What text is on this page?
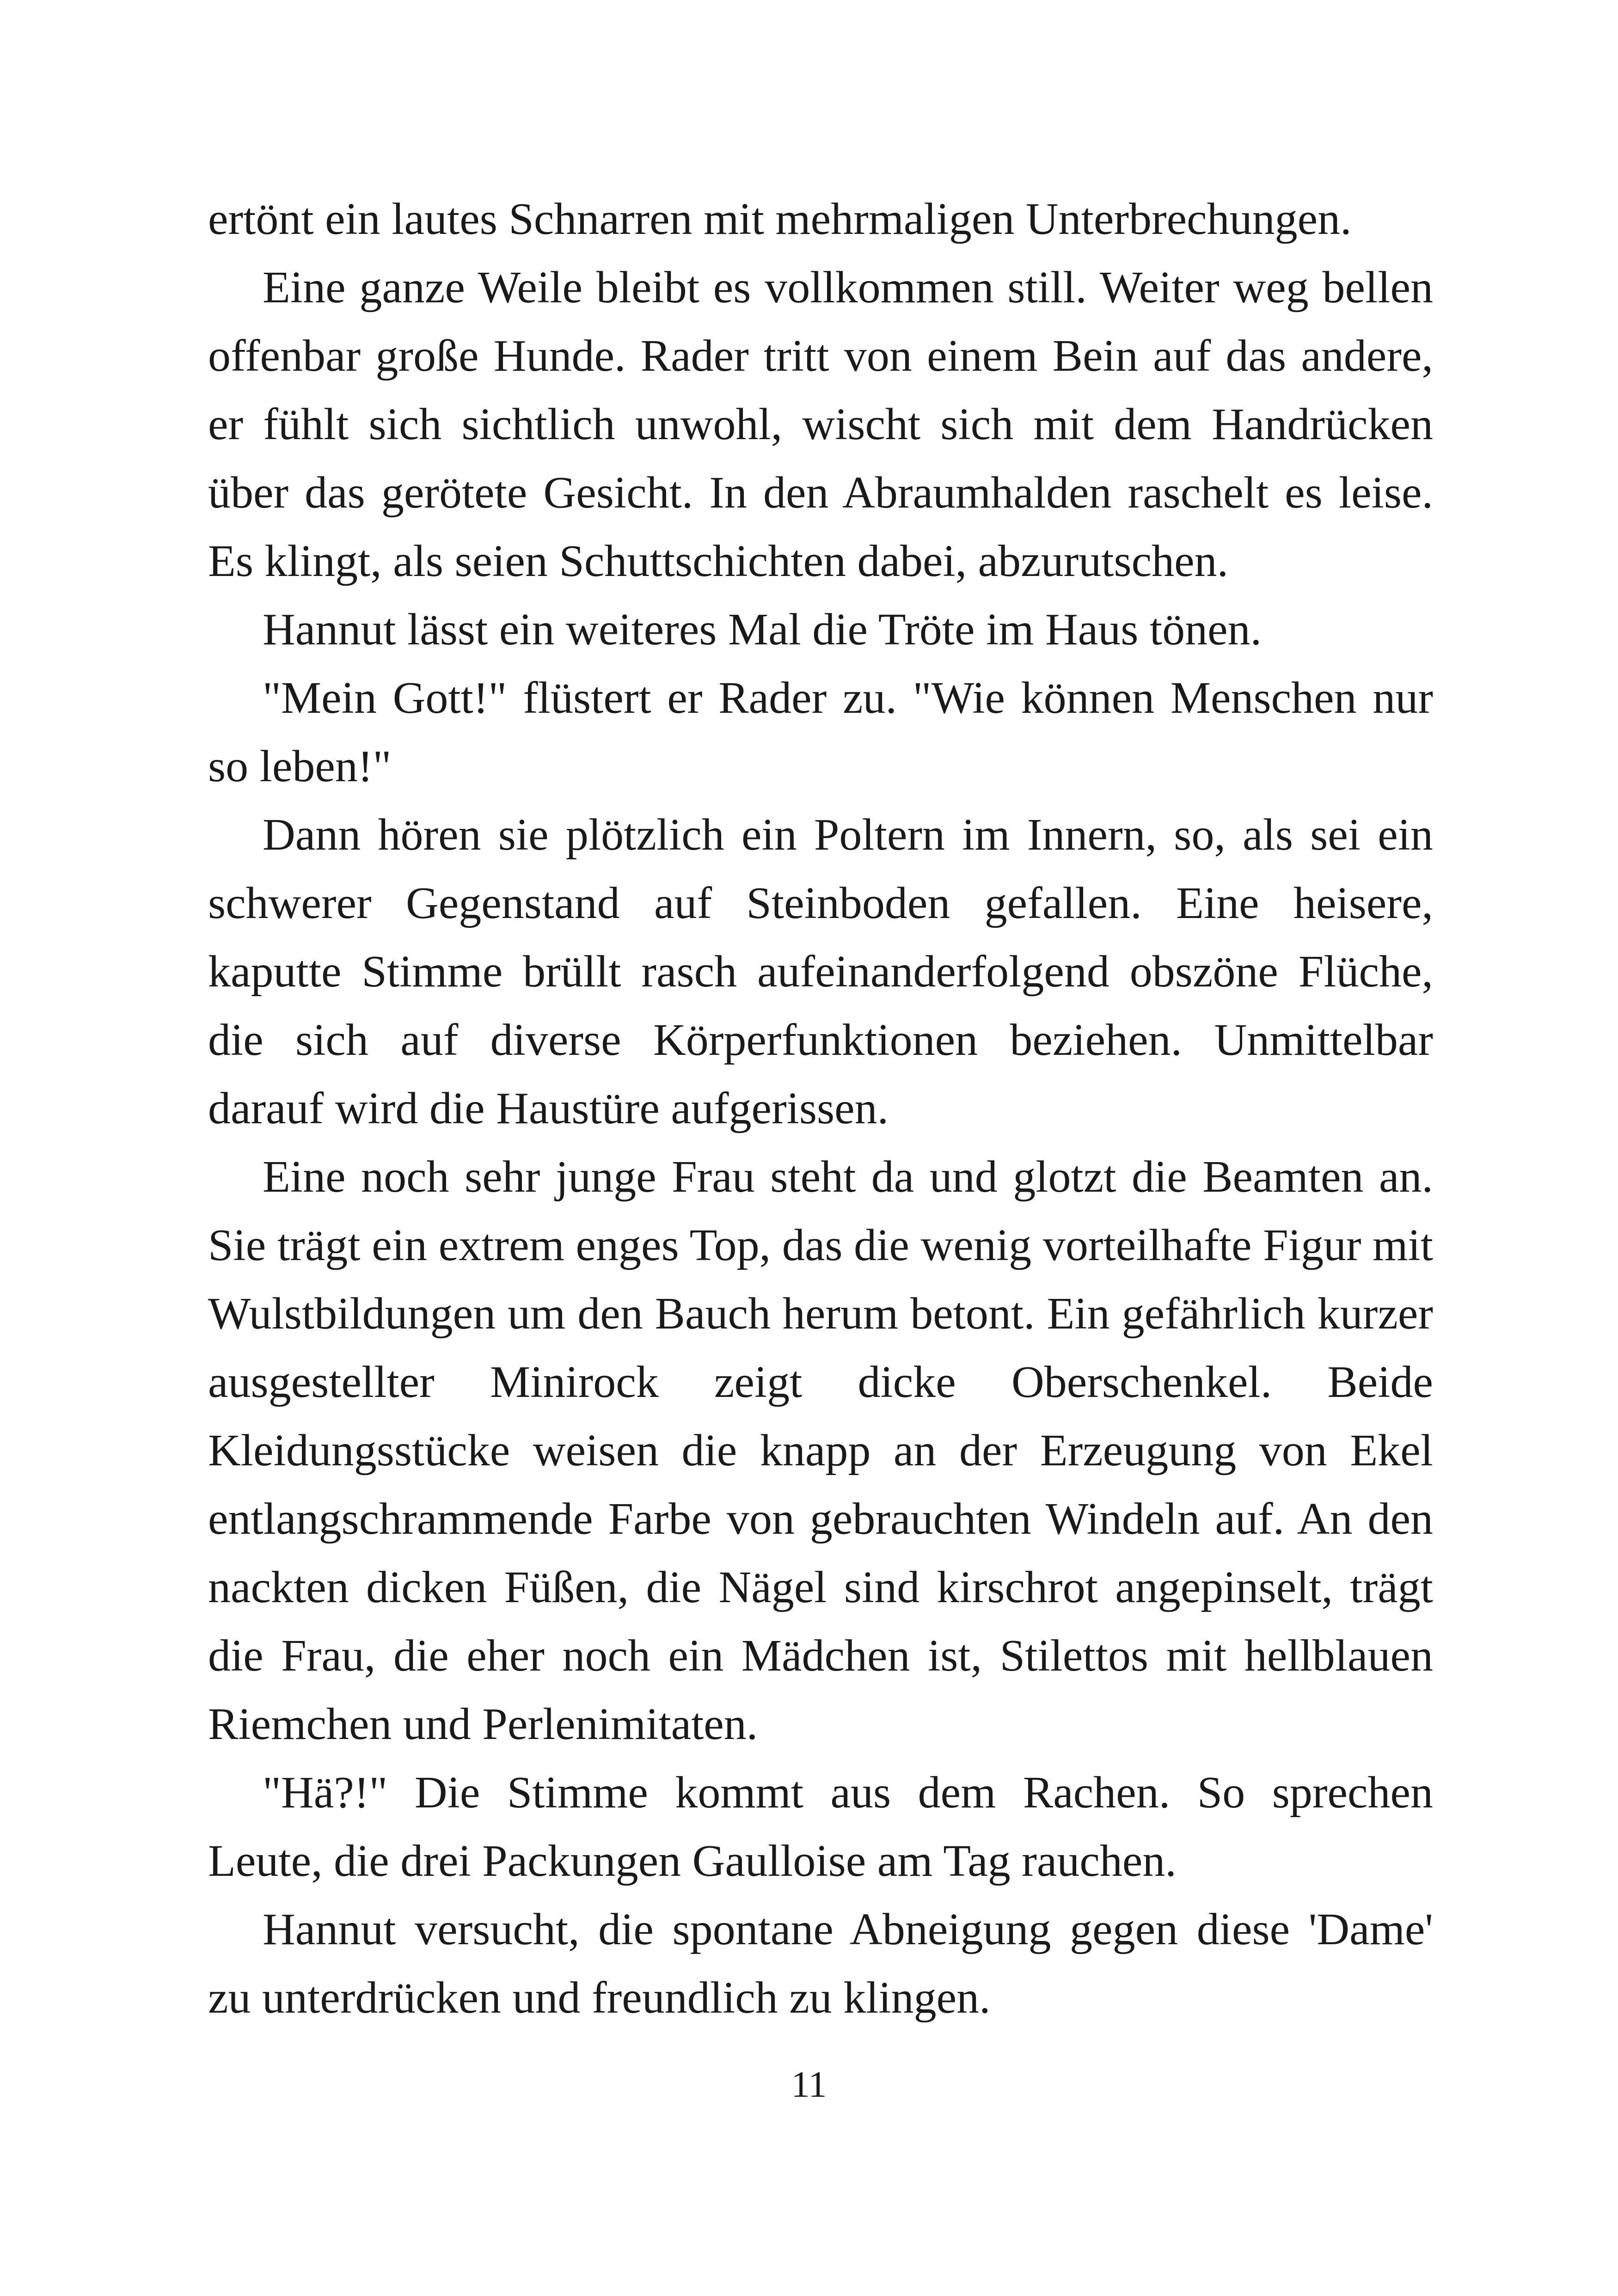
ertönt ein lautes Schnarren mit mehrmaligen Unterbrechungen.

Eine ganze Weile bleibt es vollkommen still. Weiter weg bellen offenbar große Hunde. Rader tritt von einem Bein auf das andere, er fühlt sich sichtlich unwohl, wischt sich mit dem Handrücken über das gerötete Gesicht. In den Abraumhalden raschelt es leise. Es klingt, als seien Schuttschichten dabei, abzurutschen.

Hannut lässt ein weiteres Mal die Tröte im Haus tönen.

"Mein Gott!" flüstert er Rader zu. "Wie können Menschen nur so leben!"

Dann hören sie plötzlich ein Poltern im Innern, so, als sei ein schwerer Gegenstand auf Steinboden gefallen. Eine heisere, kaputte Stimme brüllt rasch aufeinanderfolgend obszöne Flüche, die sich auf diverse Körperfunktionen beziehen. Unmittelbar darauf wird die Haustüre aufgerissen.

Eine noch sehr junge Frau steht da und glotzt die Beamten an. Sie trägt ein extrem enges Top, das die wenig vorteilhafte Figur mit Wulstbildungen um den Bauch herum betont. Ein gefährlich kurzer ausgestellter Minirock zeigt dicke Oberschenkel. Beide Kleidungsstücke weisen die knapp an der Erzeugung von Ekel entlangschrammende Farbe von gebrauchten Windeln auf. An den nackten dicken Füßen, die Nägel sind kirschrot angepinselt, trägt die Frau, die eher noch ein Mädchen ist, Stilettos mit hellblauen Riemchen und Perlenimitaten.

"Hä?!" Die Stimme kommt aus dem Rachen. So sprechen Leute, die drei Packungen Gaulloise am Tag rauchen.

Hannut versucht, die spontane Abneigung gegen diese 'Dame' zu unterdrücken und freundlich zu klingen.

11
